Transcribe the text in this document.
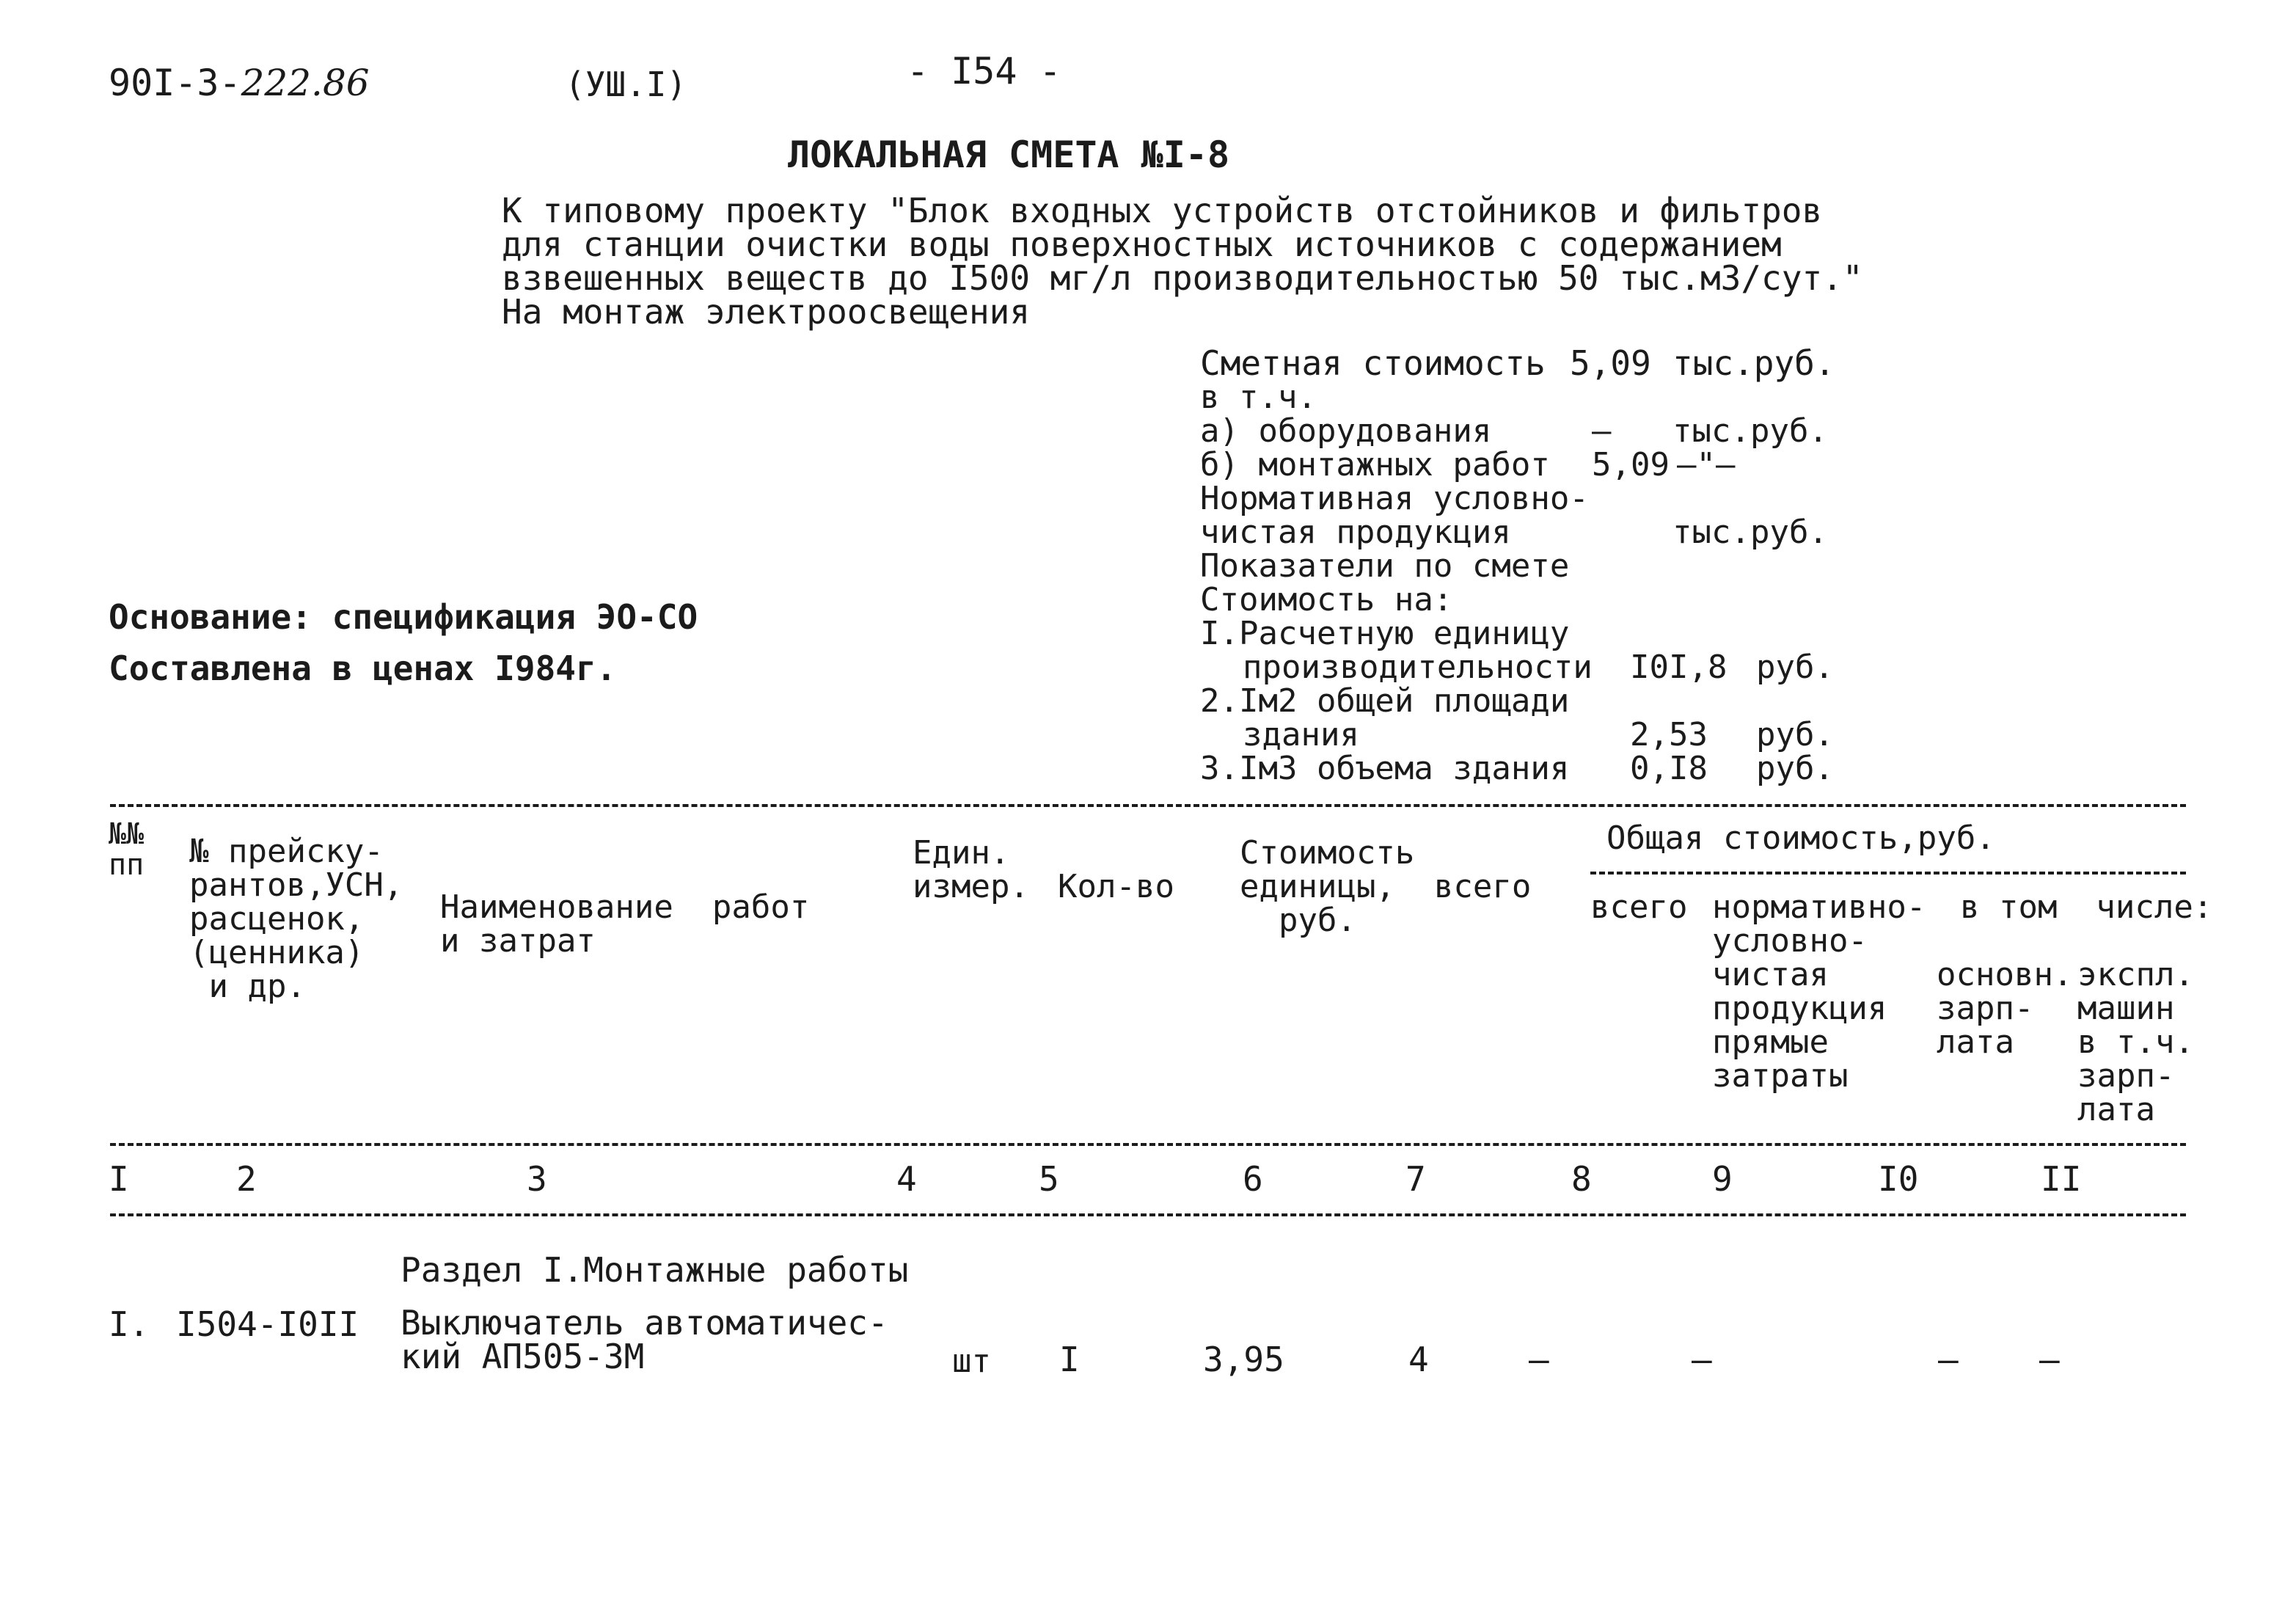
90I-3-222.86	(УШ.I)	- I54 -
ЛОКАЛЬНАЯ СМЕТА №I-8
К типовому проекту "Блок входных устройств отстойников и фильтров
для станции очистки воды поверхностных источников с содержанием
взвешенных веществ до I500 мг/л производительностью 50 тыс.м3/сут."
На монтаж электроосвещения
Основание: спецификация ЭО-СО
Составлена в ценах I984г.
Сметная стоимость 5,09 тыс.руб.
в т.ч.
а) оборудования	– тыс.руб.
б) монтажных работ 5,09 –"–
Нормативная условно-
чистая продукция	тыс.руб.
Показатели по смете
Стоимость на:
I.Расчетную единицу
производительности I0I,8 руб.
2.Iм2 общей площади
здания	2,53 руб.
3.Iм3 объема здания 0,I8 руб.
№№
пп № прейску-
рантов,УСН,
расценок,
(ценника)
и др.
Наименование  работ
и затрат
Един.
измер. Кол-во
Стоимость
единицы,  всего
руб.
Общая стоимость,руб.
всего нормативно-
условно-
чистая
продукция
прямые
затраты
в том  числе:
основн.
зарп-
лата
экспл.
машин
в т.ч.
зарп-
лата
I	2	3	4	5	6	7	8	9	I0	II
Раздел I.Монтажные работы
I. I504-I0II Выключатель автоматичес-
кий АП505-3М	шт I	3,95	4	–	–	– –
